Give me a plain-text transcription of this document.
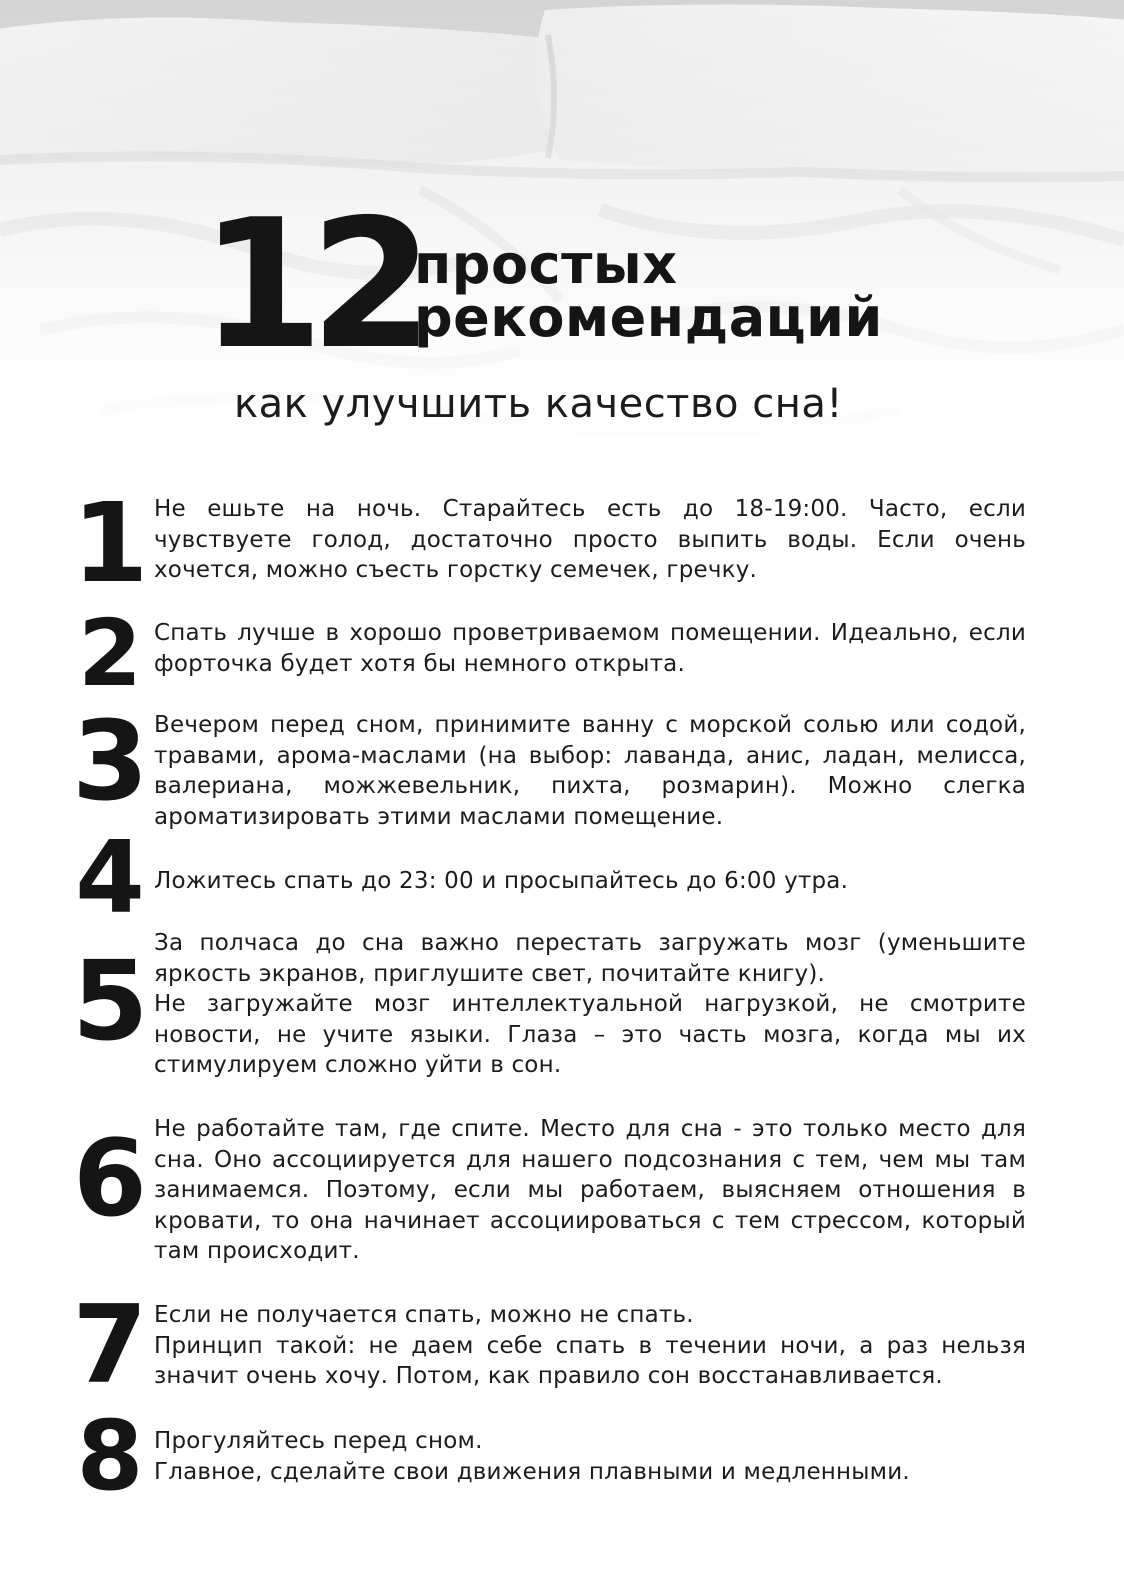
12
простых
рекомендаций
как улучшить качество сна!
1 Не ешьте на ночь. Старайтесь есть до 18-19:00. Часто, если чувствуете голод, достаточно просто выпить воды. Если очень хочется, можно съесть горстку семечек, гречку.

2 Спать лучше в хорошо проветриваемом помещении. Идеально, если форточка будет хотя бы немного открыта.

3 Вечером перед сном, принимите ванну с морской солью или содой, травами, арома-маслами (на выбор: лаванда, анис, ладан, мелисса, валериана, можжевельник, пихта, розмарин). Можно слегка ароматизировать этими маслами помещение.

4 Ложитесь спать до 23: 00 и просыпайтесь до 6:00 утра.

5 За полчаса до сна важно перестать загружать мозг (уменьшите яркость экранов, приглушите свет, почитайте книгу).

Не загружайте мозг интеллектуальной нагрузкой, не смотрите новости, не учите языки. Глаза – это часть мозга, когда мы их стимулируем сложно уйти в сон.

6 Не работайте там, где спите. Место для сна - это только место для сна. Оно ассоциируется для нашего подсознания с тем, чем мы там занимаемся. Поэтому, если мы работаем, выясняем отношения в кровати, то она начинает ассоциироваться с тем стрессом, который там происходит.

7 Если не получается спать, можно не спать.

Принцип такой: не даем себе спать в течении ночи, а раз нельзя значит очень хочу. Потом, как правило сон восстанавливается.

8 Прогуляйтесь перед сном.

Главное, сделайте свои движения плавными и медленными.
